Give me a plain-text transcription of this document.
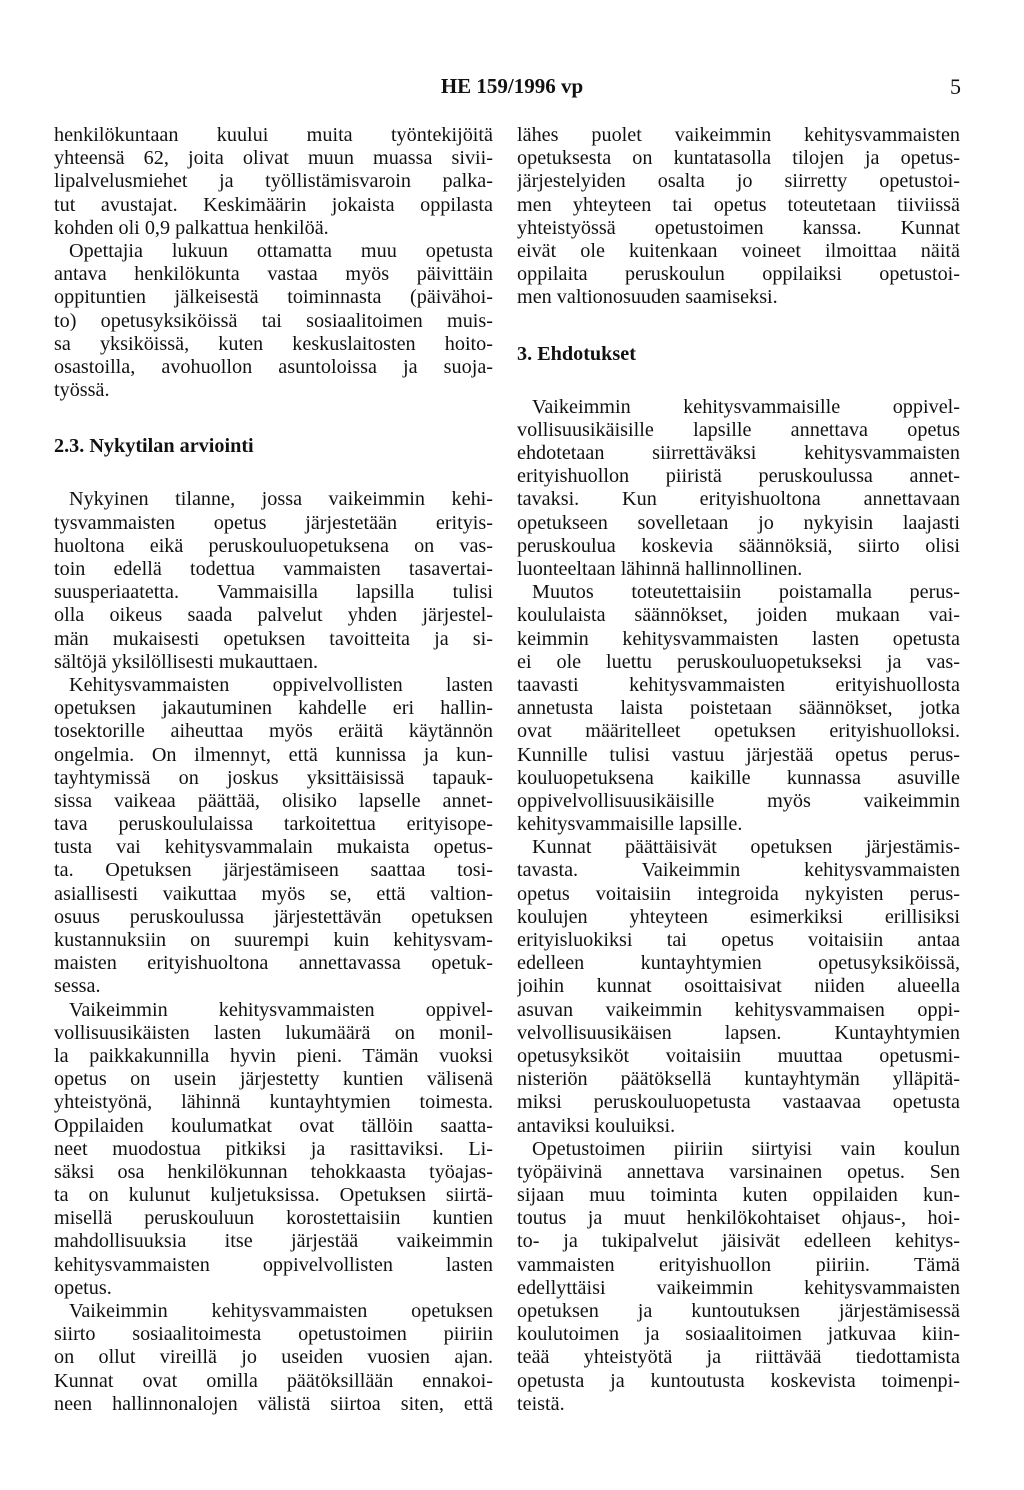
HE 159/1996 vp	5
henkilökuntaan kuului muita työntekijöitä
yhteensä 62, joita olivat muun muassa sivii-
lipalvelusmiehet ja työllistämisvaroin palka-
tut avustajat. Keskimäärin jokaista oppilasta
kohden oli 0,9 palkattua henkilöä.
Opettajia lukuun ottamatta muu opetusta
antava henkilökunta vastaa myös päivittäin
oppituntien jälkeisestä toiminnasta (päivähoi-
to) opetusyksiköissä tai sosiaalitoimen muis-
sa yksiköissä, kuten keskuslaitosten hoito-
osastoilla, avohuollon asuntoloissa ja suoja-
työssä.
2.3. Nykytilan arviointi
Nykyinen tilanne, jossa vaikeimmin kehi-
tysvammaisten opetus järjestetään erityis-
huoltona eikä peruskouluopetuksena on vas-
toin edellä todettua vammaisten tasavertai-
suusperiaatetta. Vammaisilla lapsilla tulisi
olla oikeus saada palvelut yhden järjestel-
män mukaisesti opetuksen tavoitteita ja si-
sältöjä yksilöllisesti mukauttaen.
Kehitysvammaisten oppivelvollisten lasten
opetuksen jakautuminen kahdelle eri hallin-
tosektorille aiheuttaa myös eräitä käytännön
ongelmia. On ilmennyt, että kunnissa ja kun-
tayhtymissä on joskus yksittäisissä tapauk-
sissa vaikeaa päättää, olisiko lapselle annet-
tava peruskoululaissa tarkoitettua erityisope-
tusta vai kehitysvammalain mukaista opetus-
ta. Opetuksen järjestämiseen saattaa tosi-
asiallisesti vaikuttaa myös se, että valtion-
osuus peruskoulussa järjestettävän opetuksen
kustannuksiin on suurempi kuin kehitysvam-
maisten erityishuoltona annettavassa opetuk-
sessa.
Vaikeimmin kehitysvammaisten oppivel-
vollisuusikäisten lasten lukumäärä on monil-
la paikkakunnilla hyvin pieni. Tämän vuoksi
opetus on usein järjestetty kuntien välisenä
yhteistyönä, lähinnä kuntayhtymien toimesta.
Oppilaiden koulumatkat ovat tällöin saatta-
neet muodostua pitkiksi ja rasittaviksi. Li-
säksi osa henkilökunnan tehokkaasta työajas-
ta on kulunut kuljetuksissa. Opetuksen siirtä-
misellä peruskouluun korostettaisiin kuntien
mahdollisuuksia itse järjestää vaikeimmin
kehitysvammaisten oppivelvollisten lasten
opetus.
Vaikeimmin kehitysvammaisten opetuksen
siirto sosiaalitoimesta opetustoimen piiriin
on ollut vireillä jo useiden vuosien ajan.
Kunnat ovat omilla päätöksillään ennakoi-
neen hallinnonalojen välistä siirtoa siten, että
lähes puolet vaikeimmin kehitysvammaisten
opetuksesta on kuntatasolla tilojen ja opetus-
järjestelyiden osalta jo siirretty opetustoi-
men yhteyteen tai opetus toteutetaan tiiviissä
yhteistyössä opetustoimen kanssa. Kunnat
eivät ole kuitenkaan voineet ilmoittaa näitä
oppilaita peruskoulun oppilaiksi opetustoi-
men valtionosuuden saamiseksi.
3. Ehdotukset
Vaikeimmin kehitysvammaisille oppivel-
vollisuusikäisille lapsille annettava opetus
ehdotetaan siirrettäväksi kehitysvammaisten
erityishuollon piiristä peruskoulussa annet-
tavaksi. Kun erityishuoltona annettavaan
opetukseen sovelletaan jo nykyisin laajasti
peruskoulua koskevia säännöksiä, siirto olisi
luonteeltaan lähinnä hallinnollinen.
Muutos toteutettaisiin poistamalla perus-
koululaista säännökset, joiden mukaan vai-
keimmin kehitysvammaisten lasten opetusta
ei ole luettu peruskouluopetukseksi ja vas-
taavasti kehitysvammaisten erityishuollosta
annetusta laista poistetaan säännökset, jotka
ovat määritelleet opetuksen erityishuolloksi.
Kunnille tulisi vastuu järjestää opetus perus-
kouluopetuksena kaikille kunnassa asuville
oppivelvollisuusikäisille myös vaikeimmin
kehitysvammaisille lapsille.
Kunnat päättäisivät opetuksen järjestämis-
tavasta. Vaikeimmin kehitysvammaisten
opetus voitaisiin integroida nykyisten perus-
koulujen yhteyteen esimerkiksi erillisiksi
erityisluokiksi tai opetus voitaisiin antaa
edelleen kuntayhtymien opetusyksiköissä,
joihin kunnat osoittaisivat niiden alueella
asuvan vaikeimmin kehitysvammaisen oppi-
velvollisuusikäisen lapsen. Kuntayhtymien
opetusyksiköt voitaisiin muuttaa opetusmi-
nisteriön päätöksellä kuntayhtymän ylläpitä-
miksi peruskouluopetusta vastaavaa opetusta
antaviksi kouluiksi.
Opetustoimen piiriin siirtyisi vain koulun
työpäivinä annettava varsinainen opetus. Sen
sijaan muu toiminta kuten oppilaiden kun-
toutus ja muut henkilökohtaiset ohjaus-, hoi-
to- ja tukipalvelut jäisivät edelleen kehitys-
vammaisten erityishuollon piiriin. Tämä
edellyttäisi vaikeimmin kehitysvammaisten
opetuksen ja kuntoutuksen järjestämisessä
koulutoimen ja sosiaalitoimen jatkuvaa kiin-
teää yhteistyötä ja riittävää tiedottamista
opetusta ja kuntoutusta koskevista toimenpi-
teistä.
